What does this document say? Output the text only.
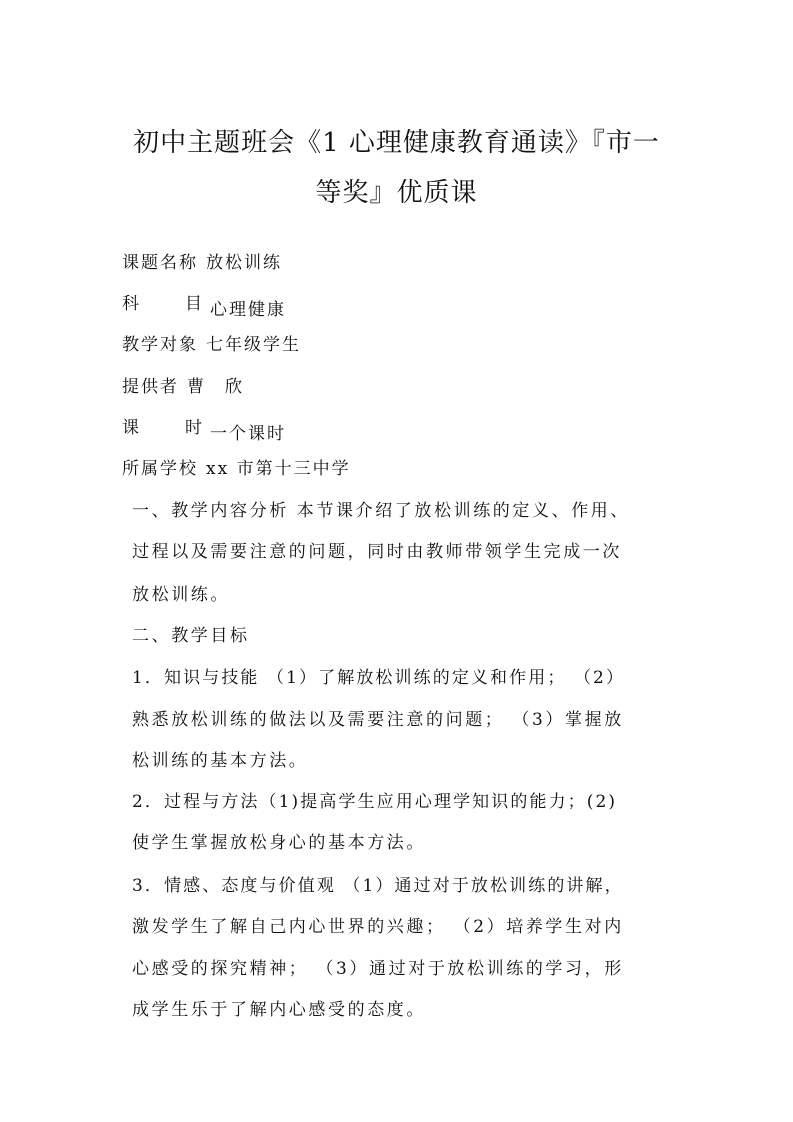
初中主题班会《1 心理健康教育通读》『市一
等奖』优质课
课题名称 放松训练
科	目 心理健康
教学对象 七年级学生
提供者 曹　欣
课	时 一个课时
所属学校 xx 市第十三中学
一、教学内容分析 本节课介绍了放松训练的定义、作用、
过程以及需要注意的问题，同时由教师带领学生完成一次
放松训练。
二、教学目标
1．知识与技能 （1）了解放松训练的定义和作用； （2）
熟悉放松训练的做法以及需要注意的问题； （3）掌握放
松训练的基本方法。
2．过程与方法（1)提高学生应用心理学知识的能力；(2)
使学生掌握放松身心的基本方法。
3．情感、态度与价值观 （1）通过对于放松训练的讲解，
激发学生了解自己内心世界的兴趣； （2）培养学生对内
心感受的探究精神； （3）通过对于放松训练的学习，形
成学生乐于了解内心感受的态度。
